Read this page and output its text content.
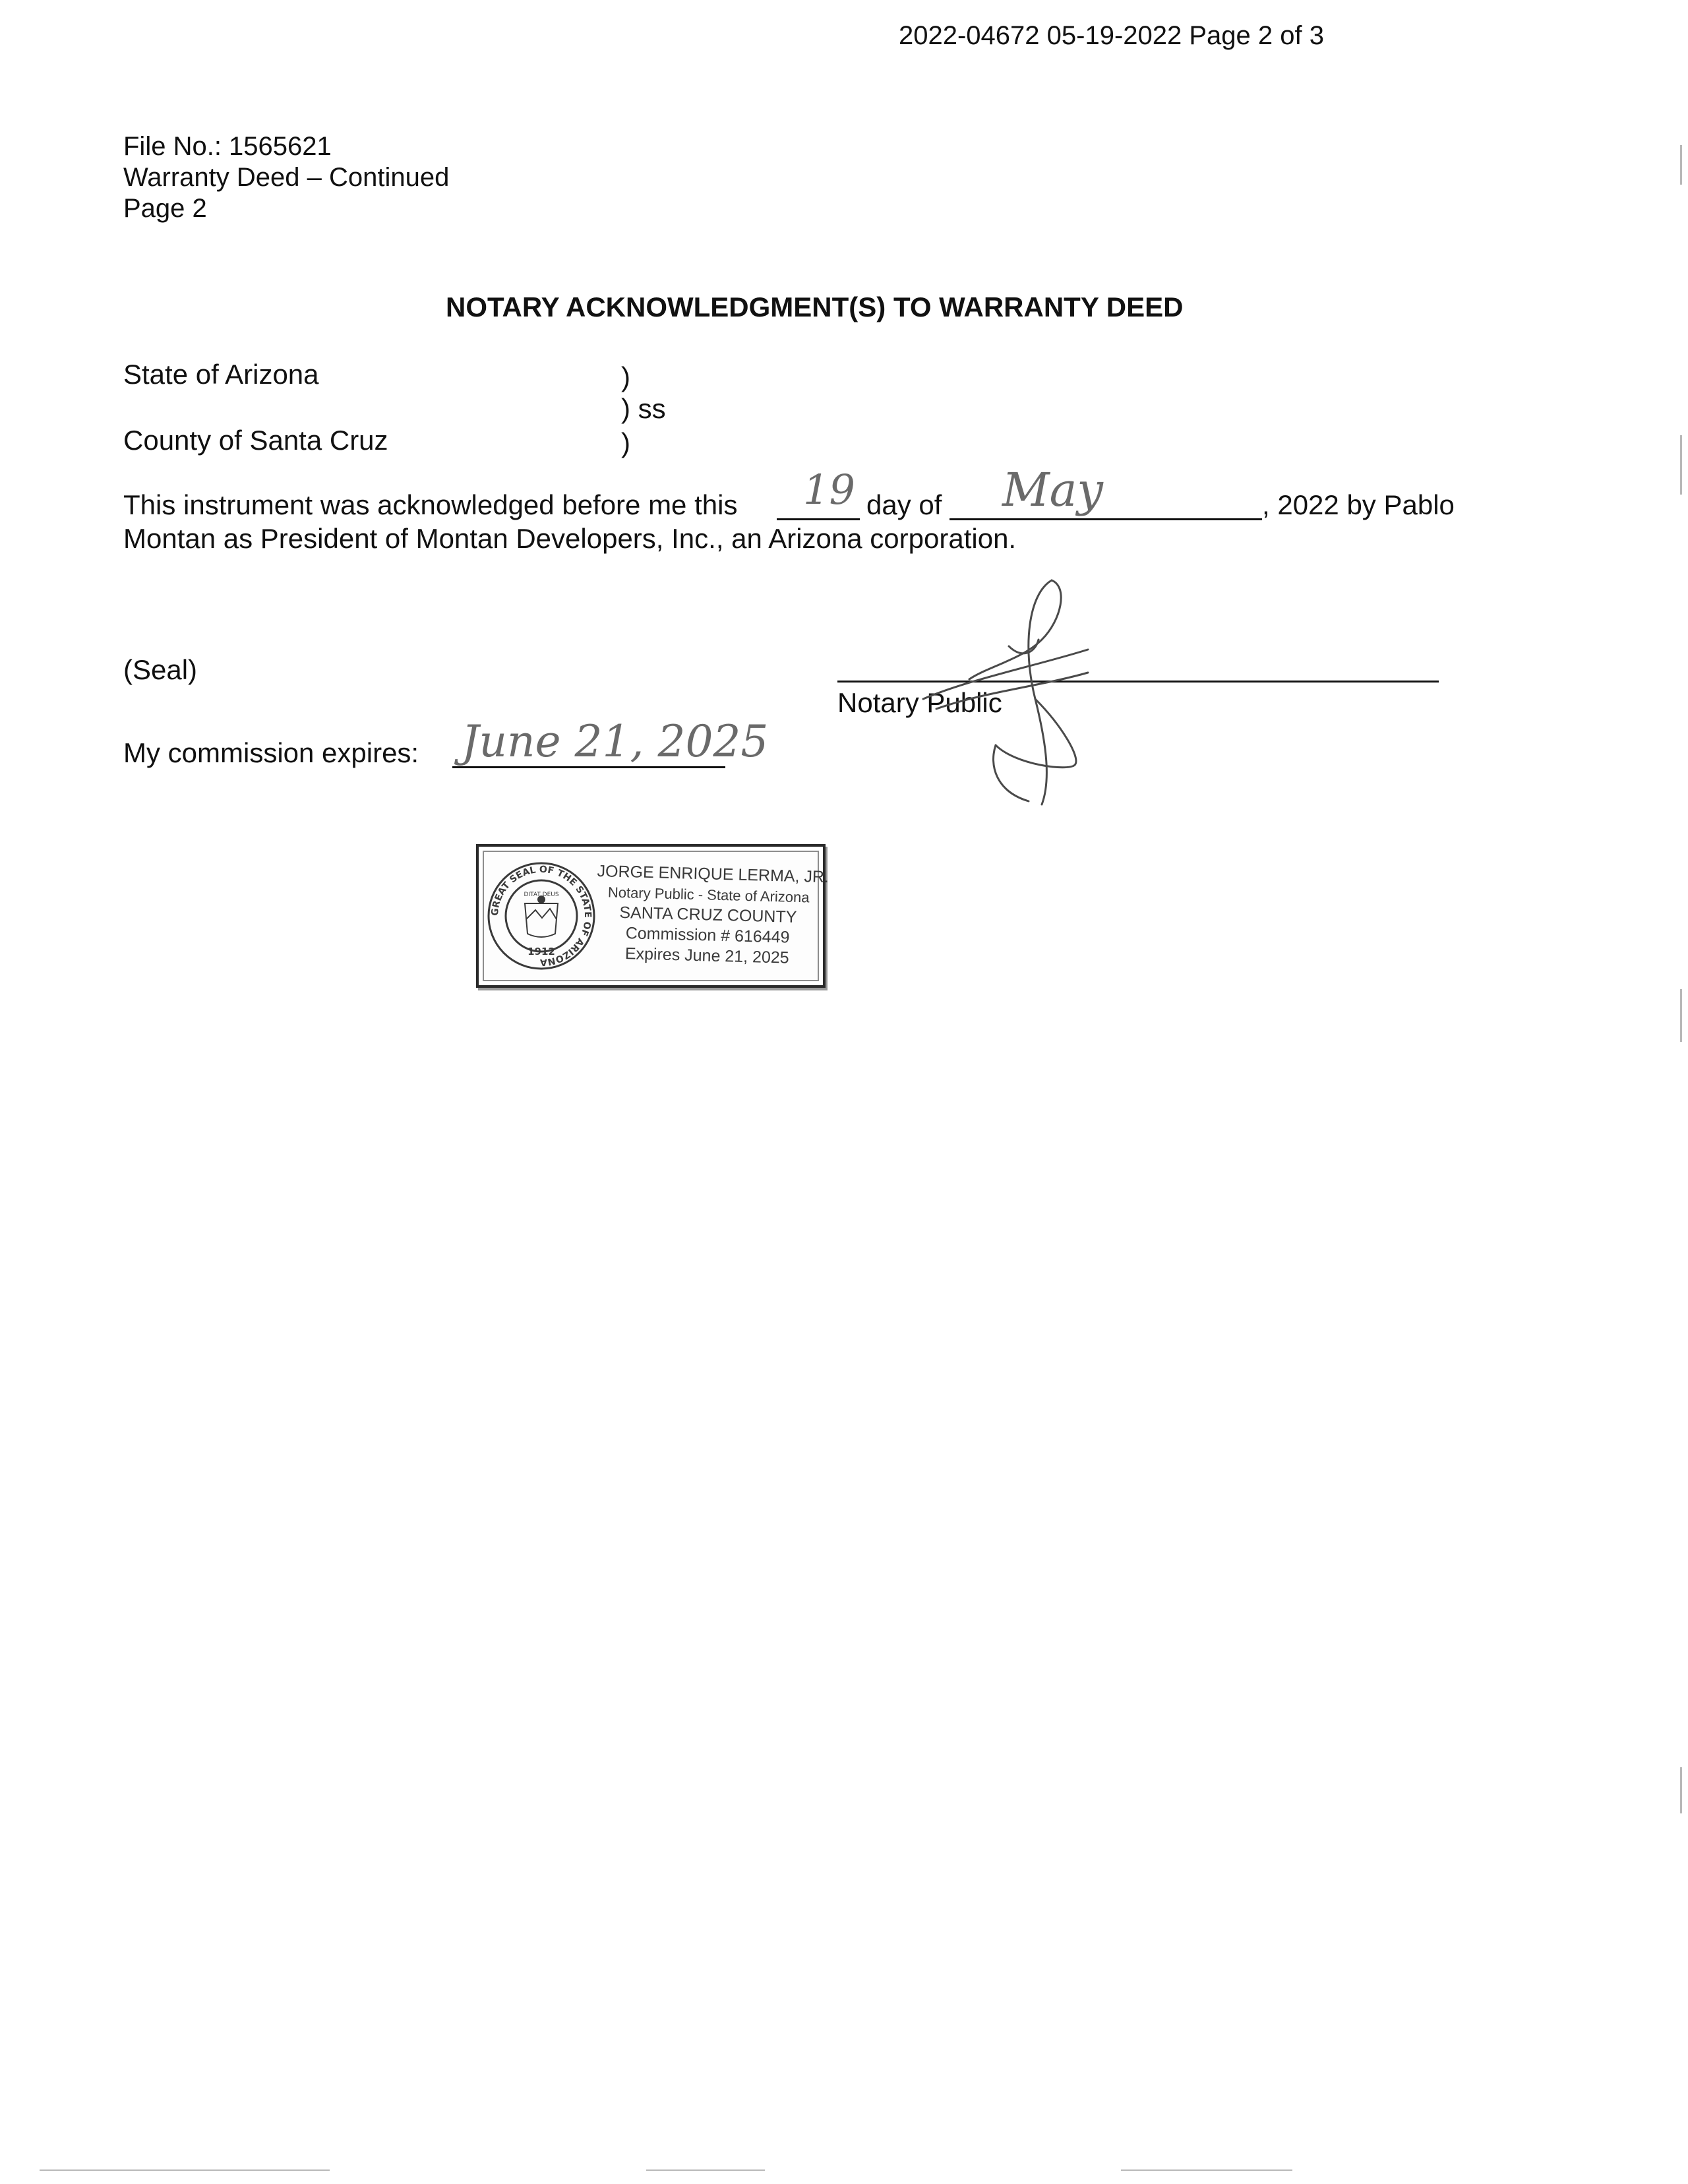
2022-04672 05-19-2022 Page 2 of 3
File No.: 1565621
Warranty Deed – Continued
Page 2
NOTARY ACKNOWLEDGMENT(S) TO WARRANTY DEED
State of Arizona	)
) ss
County of Santa Cruz	)
This instrument was acknowledged before me this 19 day of May	, 2022 by Pablo
Montan as President of Montan Developers, Inc., an Arizona corporation.
(Seal)
Notary Public
My commission expires: June 21, 2025
GREAT SEAL OF THE STATE OF ARIZONA
DITAT DEUS
1912
JORGE ENRIQUE LERMA, JR.
Notary Public - State of Arizona
SANTA CRUZ COUNTY
Commission # 616449
Expires June 21, 2025
